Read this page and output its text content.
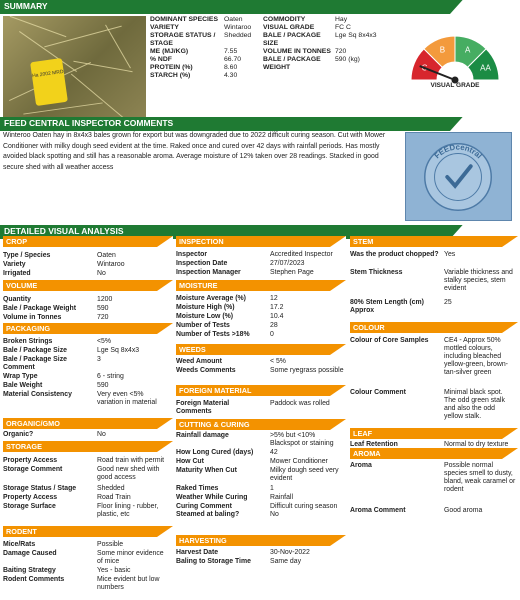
SUMMARY
Ha 2002 MRD
DOMINANT SPECIES Oaten
VARIETY	Wintaroo
STORAGE STATUS / STAGE
Shedded
ME (MJ/KG)	7.55
% NDF	66.70
PROTEIN (%)	8.60
STARCH (%)	4.30
COMMODITY	Hay
VISUAL GRADE	FC C
BALE / PACKAGE SIZE
Lge Sq 8x4x3
VOLUME IN TONNES 720
BALE / PACKAGE WEIGHT
590 (kg)
B A
AA
VISUAL GRADE
FEED CENTRAL INSPECTOR COMMENTS
Winteroo Oaten hay in 8x4x3 bales grown for export but was downgraded due to 2022 difficult curing season. Cut with Mower Conditioner with milky dough seed evident at the time. Raked once and cured over 42 days with rainfall periods. Has mostly avoided black spotting and still has a reasonable aroma. Average moisture of 12% taken over 28 readings. Stacked in good secure shed with all weather access
FEEDcentral
DETAILED VISUAL ANALYSIS
CROP
Type / Species	Oaten
Variety	Wintaroo
Irrigated	No
VOLUME
Quantity	1200
Bale / Package Weight	590
Volume in Tonnes	720
PACKAGING
Broken Strings	<5%
Bale / Package Size	Lge Sq 8x4x3
Bale / Package Size Comment
3
Wrap Type	6 - string
Bale Weight	590
Material Consistency	Very even <5% variation in material
ORGANIC/GMO
Organic?	No
STORAGE
Property Access	Road train with permit
Storage Comment	Good new shed with good access
Storage Status / Stage	Shedded
Property Access	Road Train
Storage Surface	Floor lining - rubber, plastic, etc
RODENT
Mice/Rats	Possible
Damage Caused	Some minor evidence of mice
Baiting Strategy	Yes - basic
Rodent Comments	Mice evident but low numbers
INSPECTION
Inspector	Accredited Inspector
Inspection Date	27/07/2023
Inspection Manager	Stephen Page
MOISTURE
Moisture Average (%)	12
Moisture High (%)	17.2
Moisture Low (%)	10.4
Number of Tests	28
Number of Tests >18%	0
WEEDS
Weed Amount	< 5%
Weeds Comments	Some ryegrass possible
FOREIGN MATERIAL
Foreign Material Comments
Paddock was rolled
CUTTING & CURING
Rainfall damage	>5% but <10% Blackspot or staining
How Long Cured (days)	42
How Cut	Mower Conditioner
Maturity When Cut	Milky dough seed very evident
Raked Times	1
Weather While Curing	Rainfall
Curing Comment	Difficult curing season
Steamed at baling?	No
HARVESTING
Harvest Date	30-Nov-2022
Baling to Storage Time	Same day
STEM
Was the product chopped? Yes
Stem Thickness	Variable thickness and stalky species, stem evident
80% Stem Length (cm) Approx
25
COLOUR
Colour of Core Samples	CE4 - Approx 50% mottled colours, including bleached yellow-green, brown-tan-silver green
Colour Comment	Minimal black spot. The odd green stalk and also the odd yellow stalk.
LEAF
Leaf Retention	Normal to dry texture
AROMA
Aroma	Possible normal species smell to dusty, bland, weak caramel or rodent
Aroma Comment	Good aroma
